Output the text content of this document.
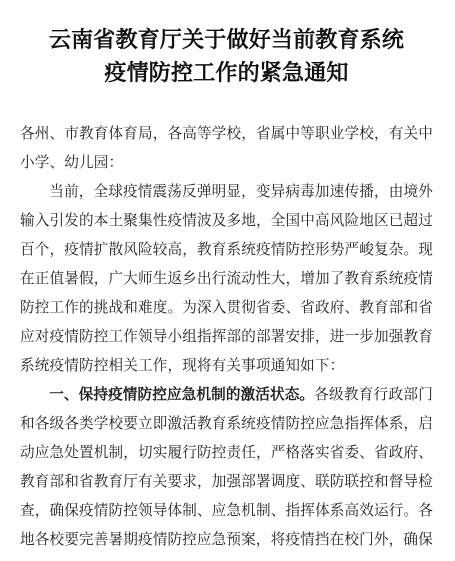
云南省教育厅关于做好当前教育系统
疫情防控工作的紧急通知

各州、市教育体育局，各高等学校，省属中等职业学校，有关中小学、幼儿园：

当前，全球疫情震荡反弹明显，变异病毒加速传播，由境外输入引发的本土聚集性疫情波及多地，全国中高风险地区已超过百个，疫情扩散风险较高，教育系统疫情防控形势严峻复杂。现在正值暑假，广大师生返乡出行流动性大，增加了教育系统疫情防控工作的挑战和难度。为深入贯彻省委、省政府、教育部和省应对疫情防控工作领导小组指挥部的部署安排，进一步加强教育系统疫情防控相关工作，现将有关事项通知如下：

一、保持疫情防控应急机制的激活状态。各级教育行政部门和各级各类学校要立即激活教育系统疫情防控应急指挥体系，启动应急处置机制，切实履行防控责任，严格落实省委、省政府、教育部和省教育厅有关要求，加强部署调度、联防联控和督导检查，确保疫情防控领导体制、应急机制、指挥体系高效运行。各地各校要完善暑期疫情防控应急预案，将疫情挡在校门外，确保
